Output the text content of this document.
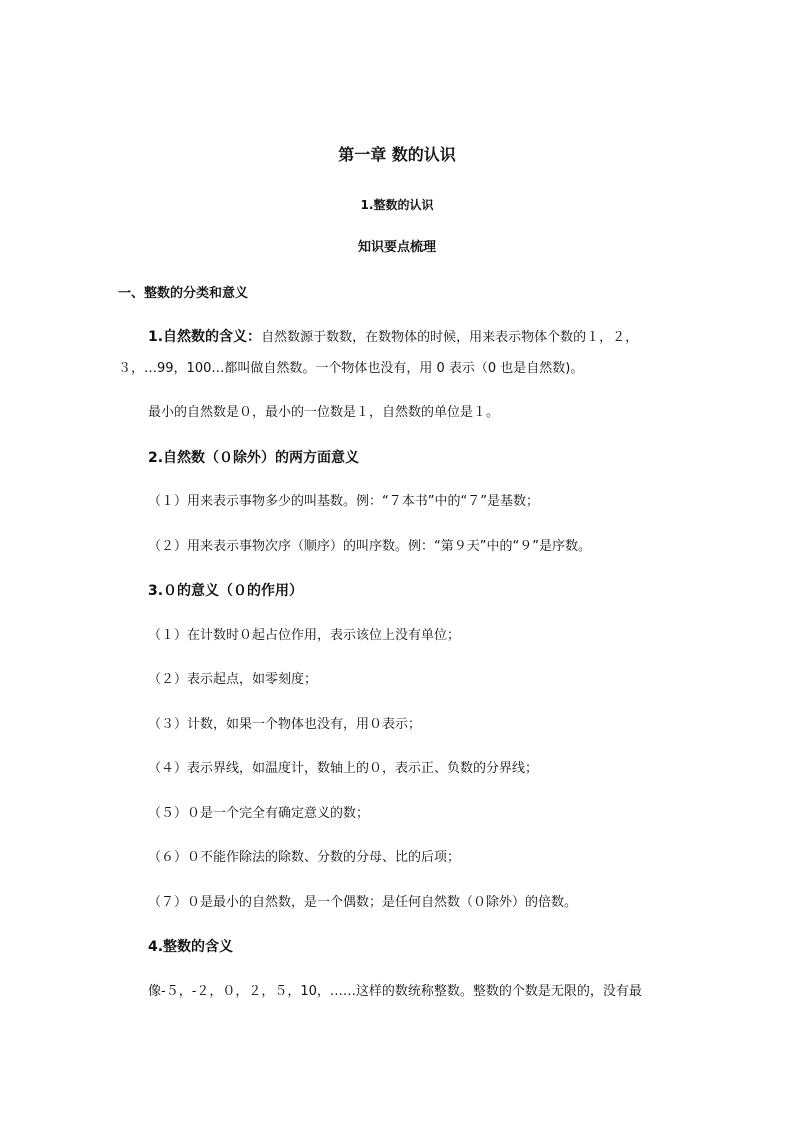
第一章 数的认识
1.整数的认识
知识要点梳理
一、整数的分类和意义
1.自然数的含义：自然数源于数数，在数物体的时候，用来表示物体个数的１，２，
３，…99，100…都叫做自然数。一个物体也没有，用 0 表示（0 也是自然数)。
最小的自然数是０，最小的一位数是１，自然数的单位是１。
2.自然数（０除外）的两方面意义
（１）用来表示事物多少的叫基数。例：“７本书”中的“７”是基数；
（２）用来表示事物次序（顺序）的叫序数。例：“第９天”中的“９”是序数。
3.０的意义（０的作用）
（１）在计数时０起占位作用，表示该位上没有单位；
（２）表示起点，如零刻度；
（３）计数，如果一个物体也没有，用０表示；
（４）表示界线，如温度计，数轴上的０，表示正、负数的分界线；
（５）０是一个完全有确定意义的数；
（６）０不能作除法的除数、分数的分母、比的后项；
（７）０是最小的自然数，是一个偶数；是任何自然数（０除外）的倍数。
4.整数的含义
像-５，-２，０，２，５，10，……这样的数统称整数。整数的个数是无限的，没有最
